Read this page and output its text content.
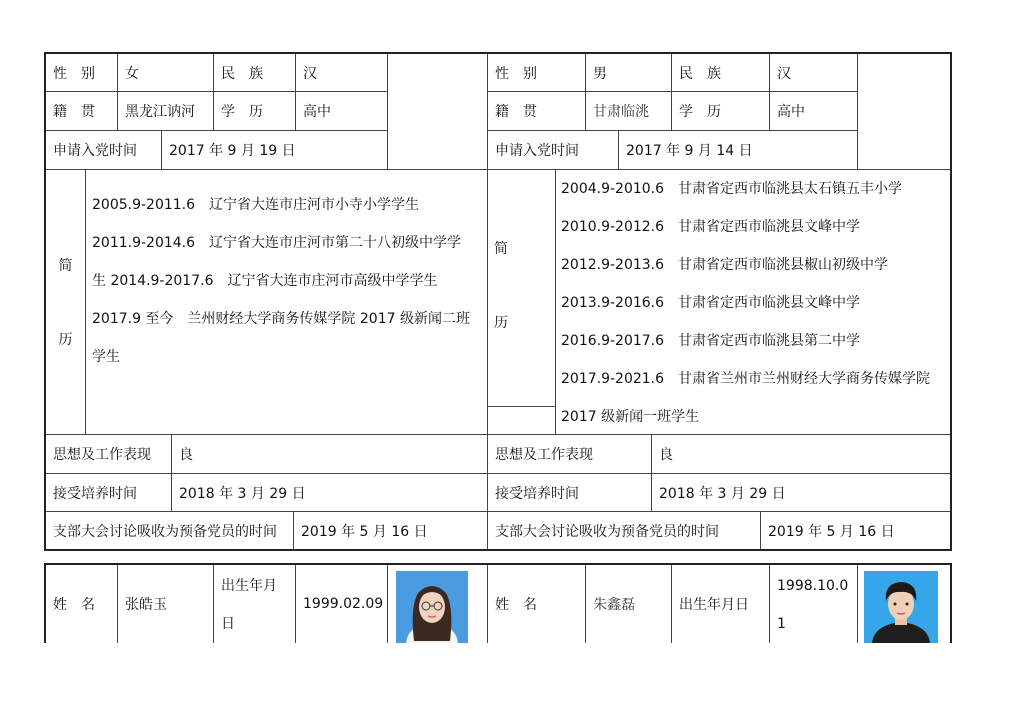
性　别	女	民　族	汉
籍　贯	黑龙江讷河	学　历	高中
申请入党时间	2017 年 9 月 19 日
简
历
2005.9-2011.6　辽宁省大连市庄河市小寺小学学生
2011.9-2014.6　辽宁省大连市庄河市第二十八初级中学学
生 2014.9-2017.6　辽宁省大连市庄河市高级中学学生
2017.9 至今　兰州财经大学商务传媒学院 2017 级新闻二班
学生
思想及工作表现	良
接受培养时间	2018 年 3 月 29 日
支部大会讨论吸收为预备党员的时间	2019 年 5 月 16 日
性　别	男	民　族	汉
籍　贯	甘肃临洮	学　历	高中
申请入党时间	2017 年 9 月 14 日
简
历
2004.9-2010.6　甘肃省定西市临洮县太石镇五丰小学
2010.9-2012.6　甘肃省定西市临洮县文峰中学
2012.9-2013.6　甘肃省定西市临洮县椒山初级中学
2013.9-2016.6　甘肃省定西市临洮县文峰中学
2016.9-2017.6　甘肃省定西市临洮县第二中学
2017.9-2021.6　甘肃省兰州市兰州财经大学商务传媒学院
2017 级新闻一班学生
思想及工作表现	良
接受培养时间	2018 年 3 月 29 日
支部大会讨论吸收为预备党员的时间	2019 年 5 月 16 日
姓　名	张皓玉
出生年月
日
1999.02.09	姓　名	朱鑫磊	出生年月日
1998.10.0
1
